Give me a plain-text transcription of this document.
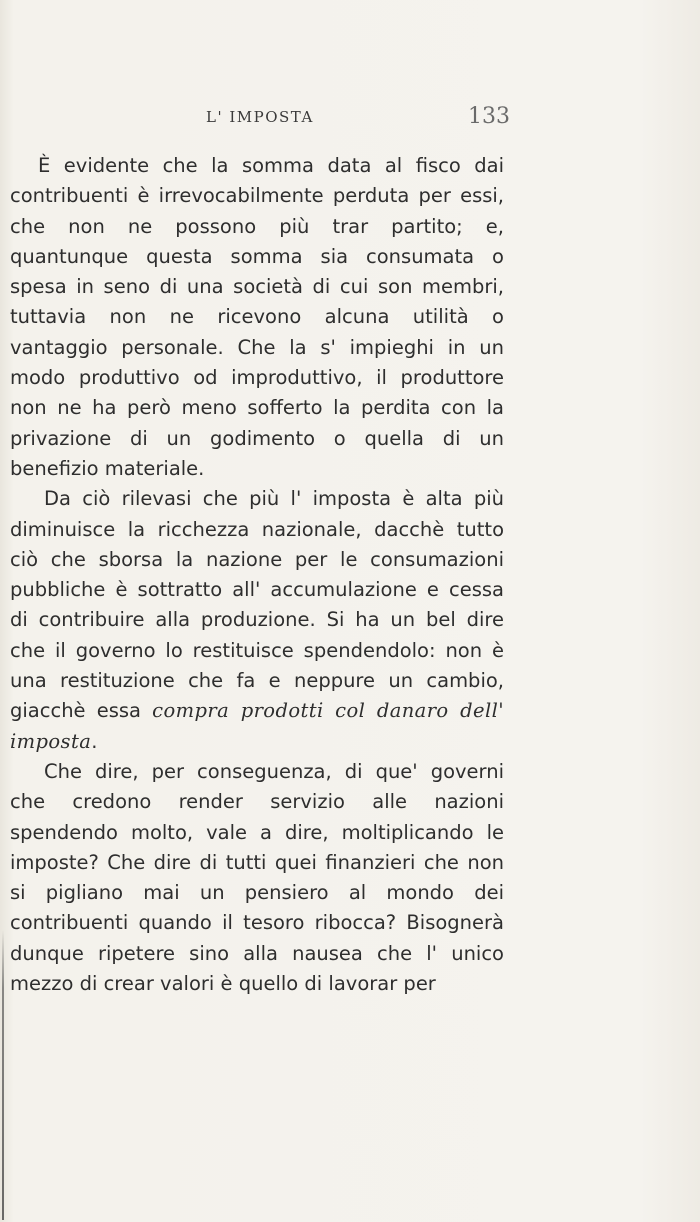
L' IMPOSTA	133

È evidente che la somma data al fisco dai contribuenti è irrevocabilmente perduta per essi, che non ne possono più trar partito; e, quantunque questa somma sia consumata o spesa in seno di una società di cui son membri, tuttavia non ne ricevono alcuna utilità o vantaggio personale. Che la s' impieghi in un modo produttivo od improduttivo, il produttore non ne ha però meno sofferto la perdita con la privazione di un godimento o quella di un benefizio materiale.

Da ciò rilevasi che più l' imposta è alta più diminuisce la ricchezza nazionale, dacchè tutto ciò che sborsa la nazione per le consumazioni pubbliche è sottratto all' accumulazione e cessa di contribuire alla produzione. Si ha un bel dire che il governo lo restituisce spendendolo: non è una restituzione che fa e neppure un cambio, giacchè essa compra prodotti col danaro dell' imposta.

Che dire, per conseguenza, di que' governi che credono render servizio alle nazioni spendendo molto, vale a dire, moltiplicando le imposte? Che dire di tutti quei finanzieri che non si pigliano mai un pensiero al mondo dei contribuenti quando il tesoro ribocca? Bisognerà dunque ripetere sino alla nausea che l' unico mezzo di crear valori è quello di lavorar per
